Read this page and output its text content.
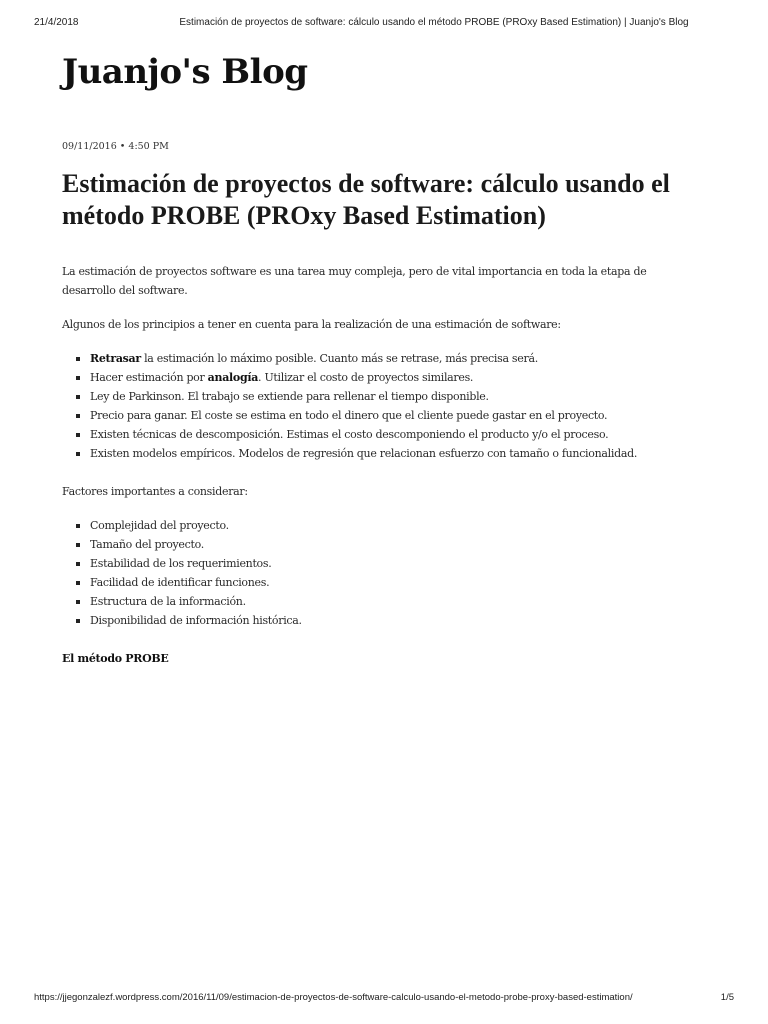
21/4/2018	Estimación de proyectos de software: cálculo usando el método PROBE (PROxy Based Estimation) | Juanjo's Blog
Juanjo's Blog
09/11/2016 • 4:50 PM
Estimación de proyectos de software: cálculo usando el método PROBE (PROxy Based Estimation)

La estimación de proyectos software es una tarea muy compleja, pero de vital importancia en toda la etapa de desarrollo del software.

Algunos de los principios a tener en cuenta para la realización de una estimación de software:

Retrasar la estimación lo máximo posible. Cuanto más se retrase, más precisa será.
Hacer estimación por analogía. Utilizar el costo de proyectos similares.
Ley de Parkinson. El trabajo se extiende para rellenar el tiempo disponible.
Precio para ganar. El coste se estima en todo el dinero que el cliente puede gastar en el proyecto.
Existen técnicas de descomposición. Estimas el costo descomponiendo el producto y/o el proceso.
Existen modelos empíricos. Modelos de regresión que relacionan esfuerzo con tamaño o funcionalidad.

Factores importantes a considerar:

Complejidad del proyecto.
Tamaño del proyecto.
Estabilidad de los requerimientos.
Facilidad de identificar funciones.
Estructura de la información.
Disponibilidad de información histórica.

El método PROBE

https://jjegonzalezf.wordpress.com/2016/11/09/estimacion-de-proyectos-de-software-calculo-usando-el-metodo-probe-proxy-based-estimation/	1/5
